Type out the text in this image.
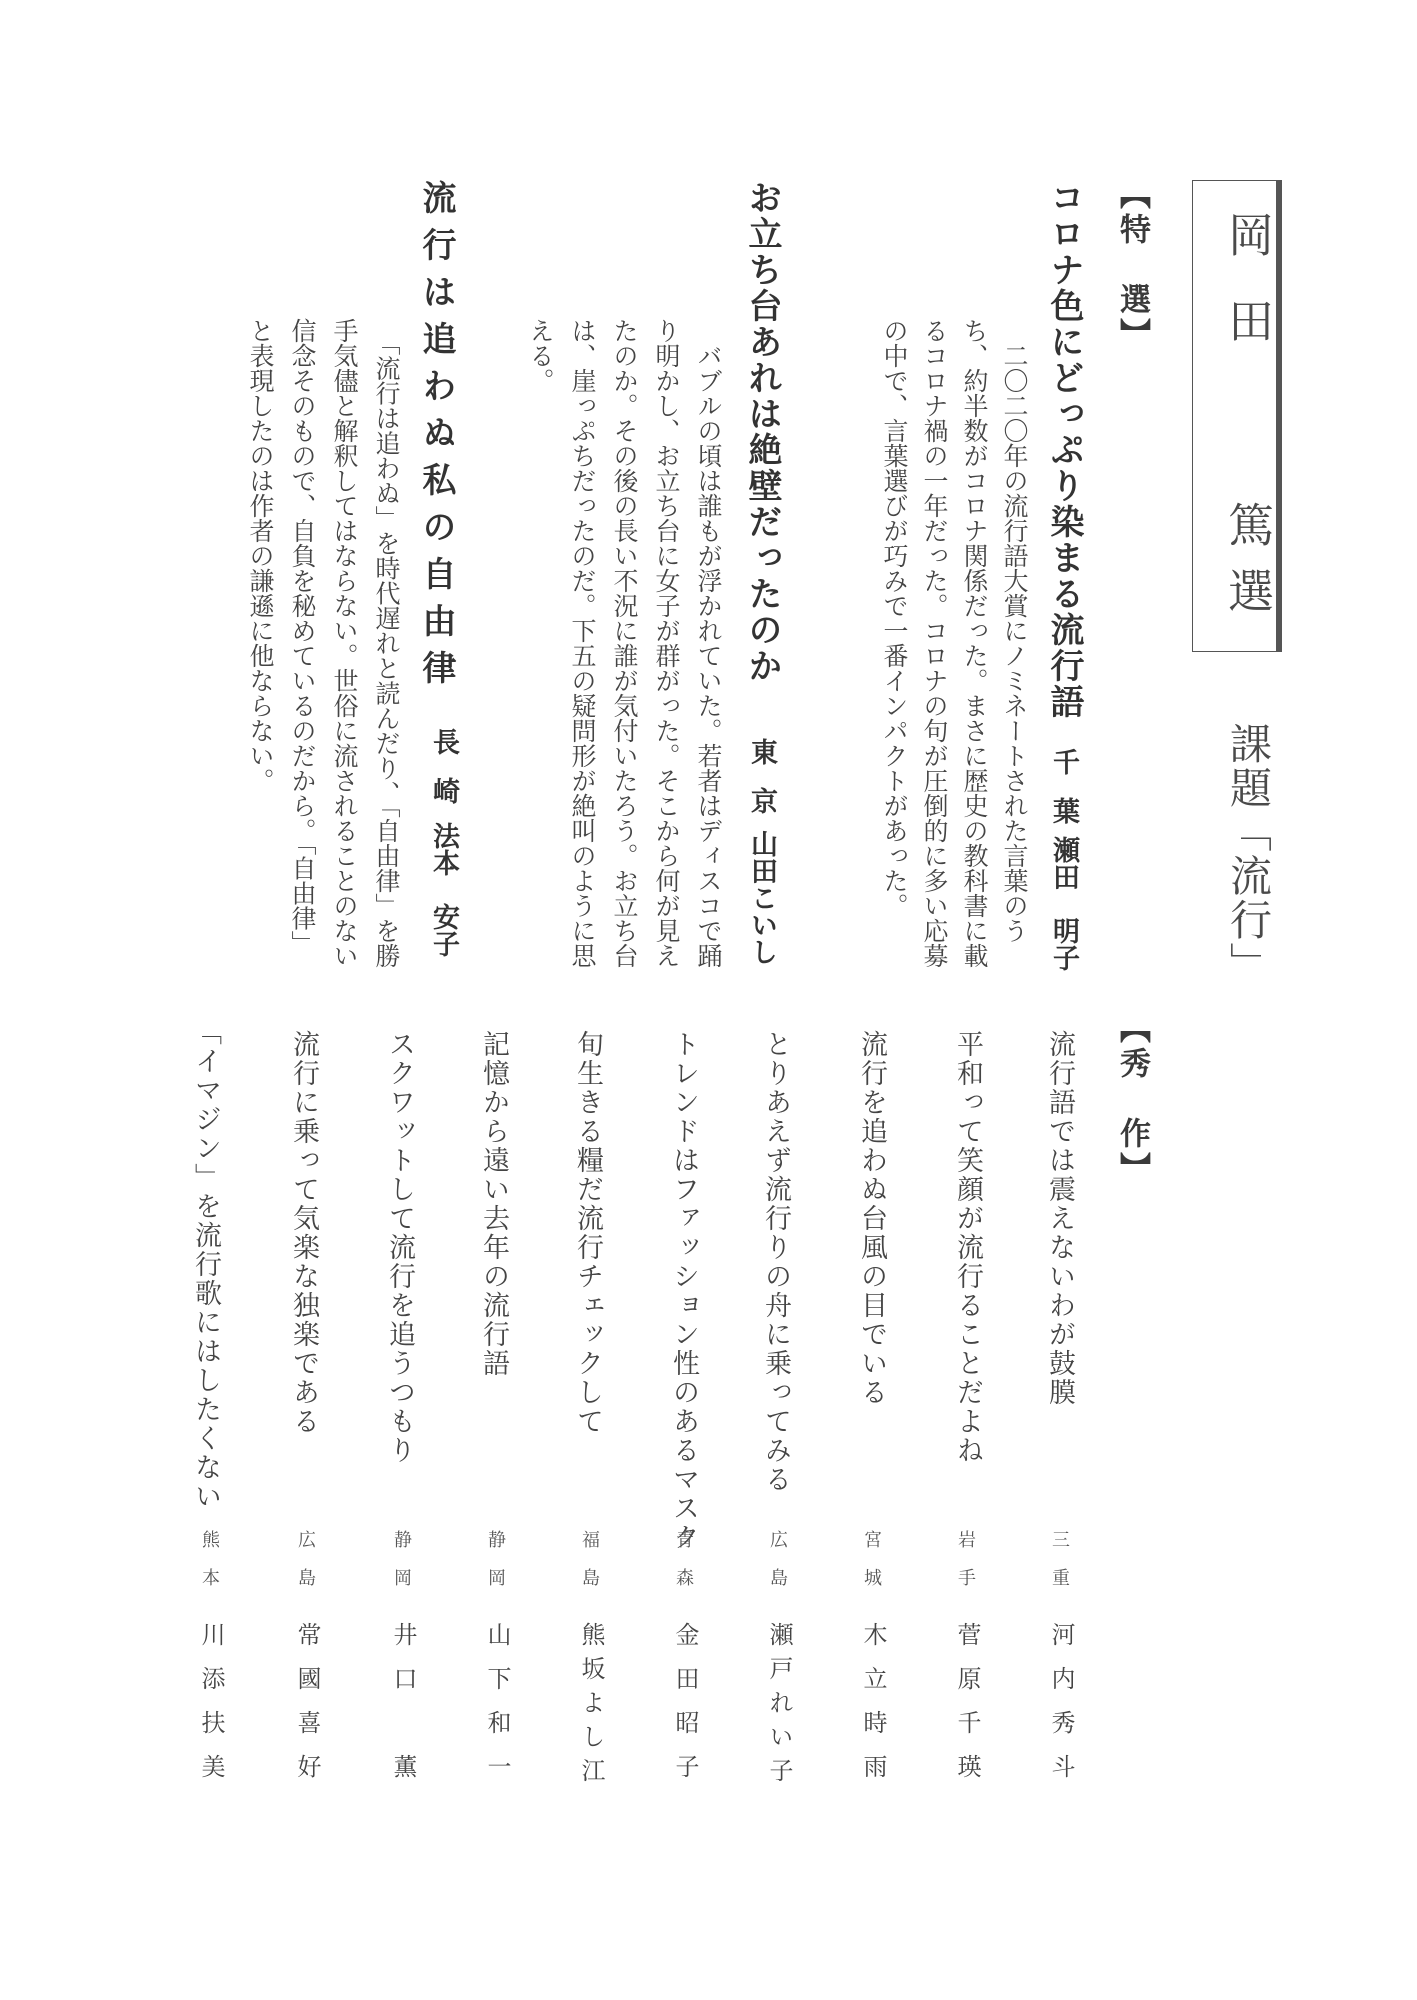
岡田
篤選
課題「流行」
【特　選】
コロナ色にどっぷり染まる流行語
千葉
瀬田　明子
　二〇二〇年の流行語大賞にノミネートされた言葉のう
ち、約半数がコロナ関係だった。まさに歴史の教科書に載
るコロナ禍の一年だった。コロナの句が圧倒的に多い応募
の中で、言葉選びが巧みで一番インパクトがあった。
お立ち台あれは絶壁だったのか
東京
山田こいし
　バブルの頃は誰もが浮かれていた。若者はディスコで踊
り明かし、お立ち台に女子が群がった。そこから何が見え
たのか。その後の長い不況に誰が気付いたろう。お立ち台
は、崖っぷちだったのだ。下五の疑問形が絶叫のように思
える。
流行は追わぬ私の自由律
長崎
法本　安子
　「流行は追わぬ」を時代遅れと読んだり、「自由律」を勝
手気儘と解釈してはならない。世俗に流されることのない
信念そのもので、自負を秘めているのだから。「自由律」
と表現したのは作者の謙遜に他ならない。
【秀　作】
流行語では震えないわが鼓膜
三重
河内秀斗
平和って笑顔が流行ることだよね
岩手
菅原千瑛
流行を追わぬ台風の目でいる
宮城
木立時雨
とりあえず流行りの舟に乗ってみる
広島
瀬戸れい子
トレンドはファッション性のあるマスク
青森
金田昭子
旬生きる糧だ流行チェックして
福島
熊坂よし江
記憶から遠い去年の流行語
静岡
山下和一
スクワットして流行を追うつもり
静岡
井口　薫
流行に乗って気楽な独楽である
広島
常國喜好
「イマジン」を流行歌にはしたくない
熊本
川添扶美
